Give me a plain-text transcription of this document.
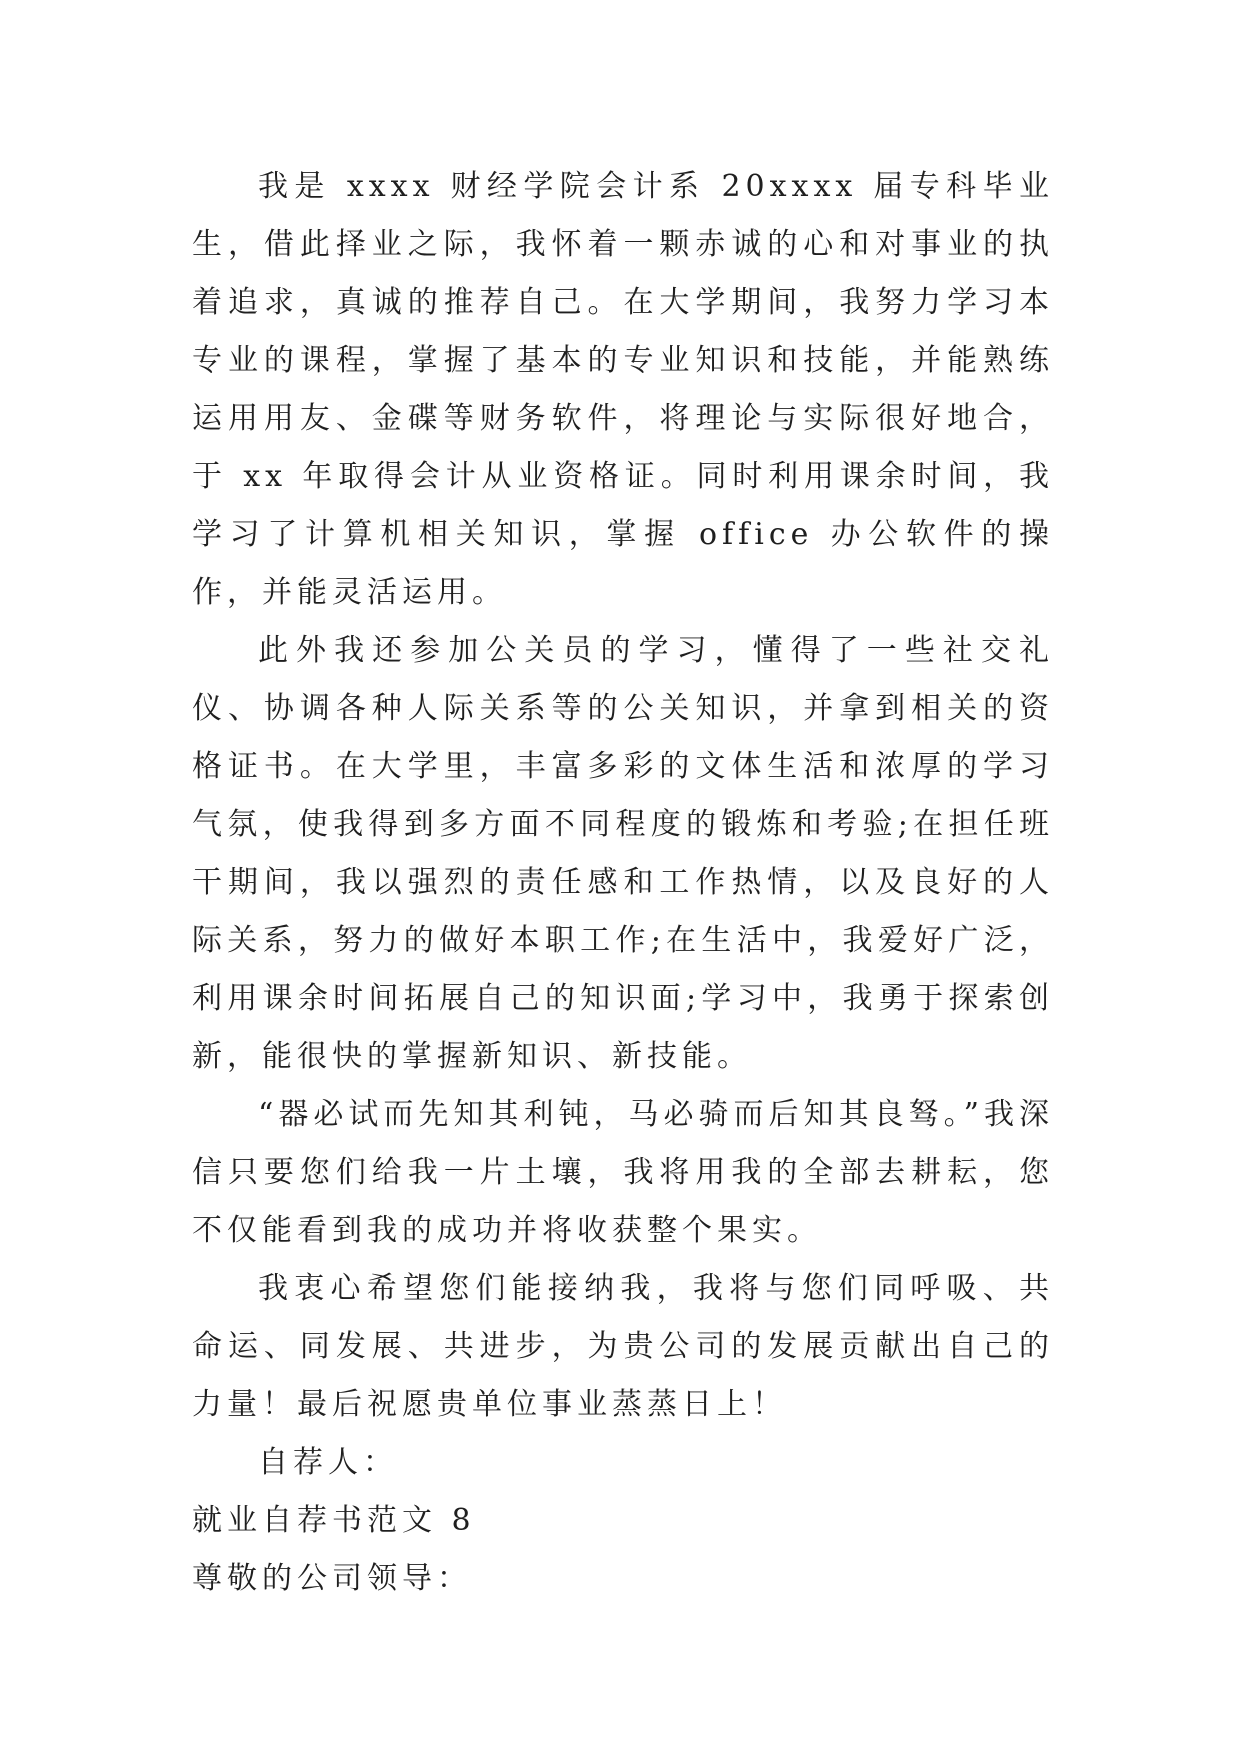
我是 xxxx 财经学院会计系 20xxxx 届专科毕业生，借此择业之际，我怀着一颗赤诚的心和对事业的执着追求，真诚的推荐自己。在大学期间，我努力学习本专业的课程，掌握了基本的专业知识和技能，并能熟练运用用友、金碟等财务软件，将理论与实际很好地合，于 xx 年取得会计从业资格证。同时利用课余时间，我学习了计算机相关知识，掌握 office 办公软件的操作，并能灵活运用。

此外我还参加公关员的学习，懂得了一些社交礼仪、协调各种人际关系等的公关知识，并拿到相关的资格证书。在大学里，丰富多彩的文体生活和浓厚的学习气氛，使我得到多方面不同程度的锻炼和考验;在担任班干期间，我以强烈的责任感和工作热情，以及良好的人际关系，努力的做好本职工作;在生活中，我爱好广泛，利用课余时间拓展自己的知识面;学习中，我勇于探索创新，能很快的掌握新知识、新技能。

“器必试而先知其利钝，马必骑而后知其良驽。”我深信只要您们给我一片土壤，我将用我的全部去耕耘，您不仅能看到我的成功并将收获整个果实。

我衷心希望您们能接纳我，我将与您们同呼吸、共命运、同发展、共进步，为贵公司的发展贡献出自己的力量！最后祝愿贵单位事业蒸蒸日上！

自荐人：

就业自荐书范文 8

尊敬的公司领导：
